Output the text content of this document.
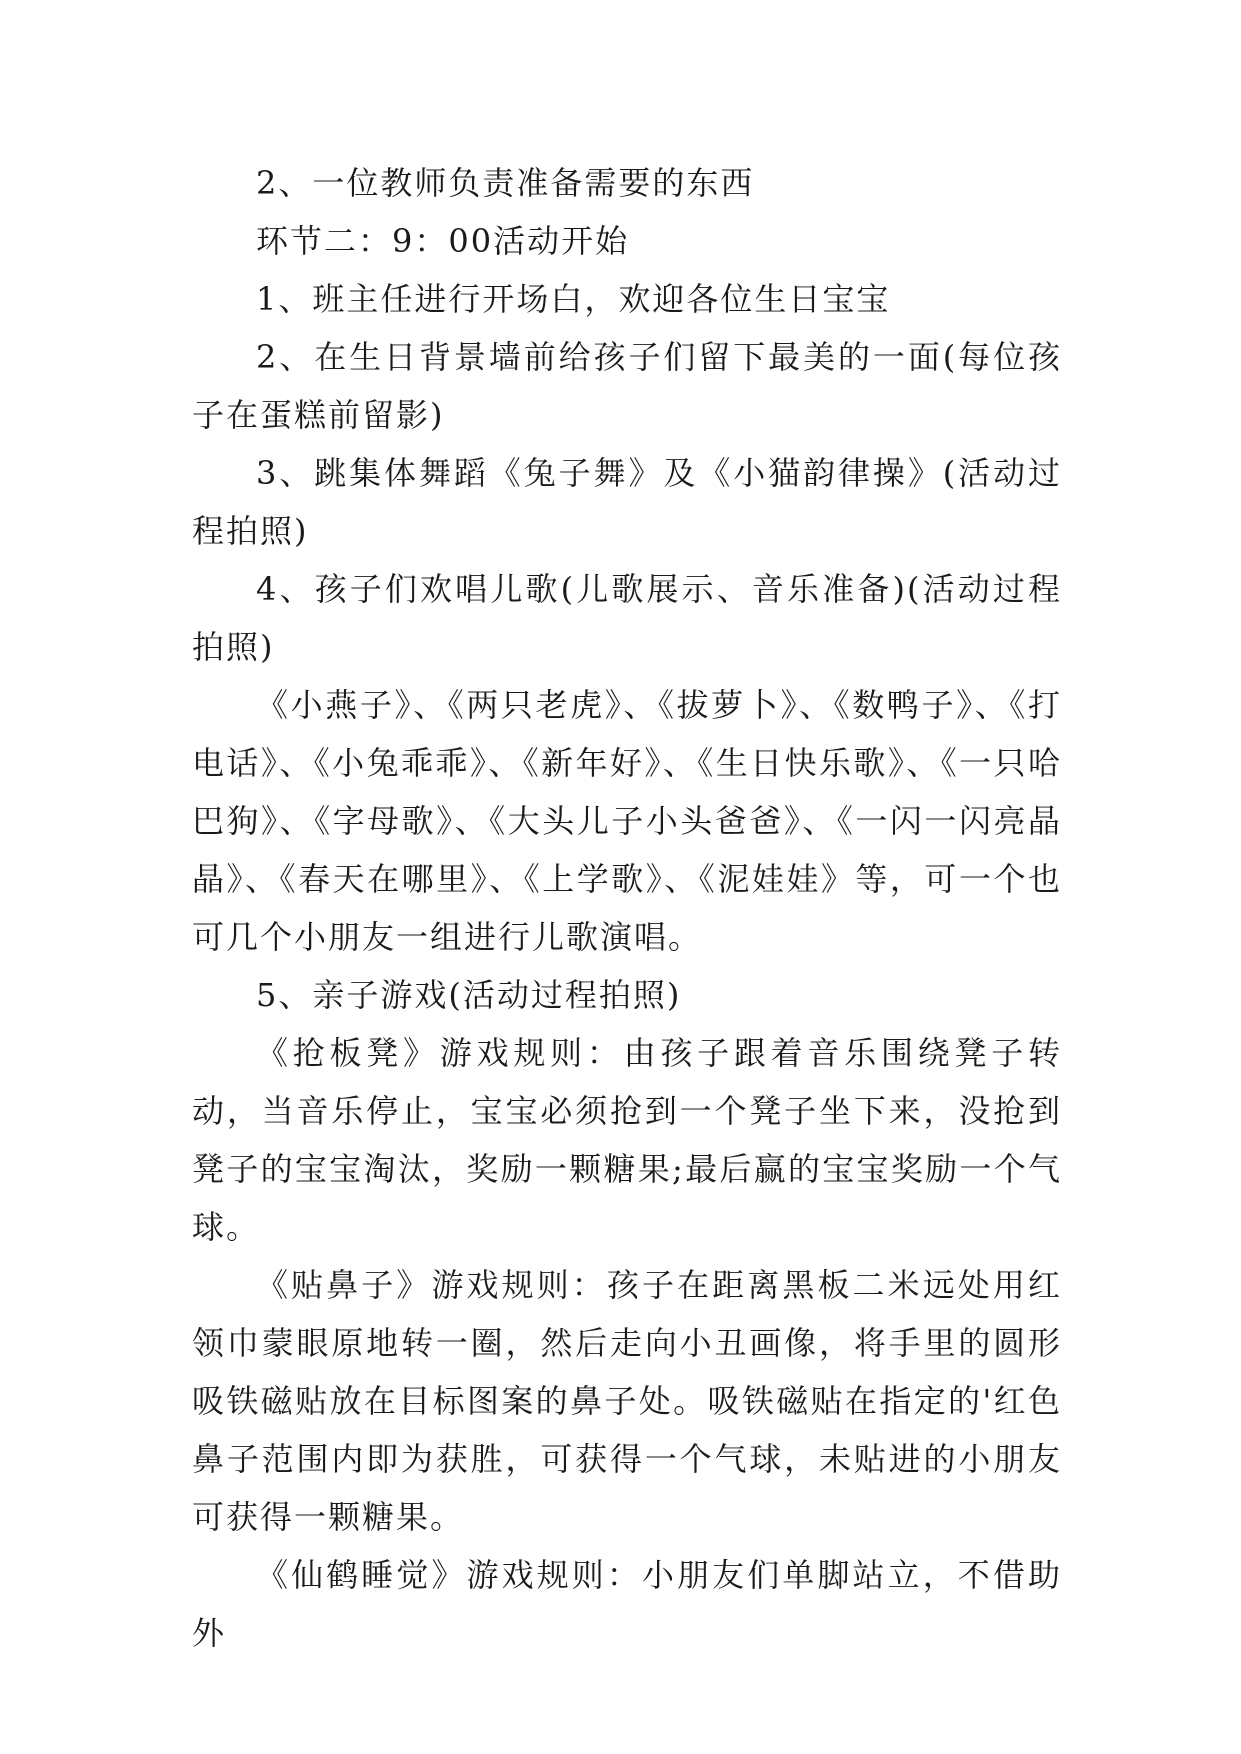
2、一位教师负责准备需要的东西

环节二：9：00活动开始

1、班主任进行开场白，欢迎各位生日宝宝

2、在生日背景墙前给孩子们留下最美的一面(每位孩子在蛋糕前留影)

3、跳集体舞蹈《兔子舞》及《小猫韵律操》(活动过程拍照)

4、孩子们欢唱儿歌(儿歌展示、音乐准备)(活动过程拍照)

《小燕子》、《两只老虎》、《拔萝卜》、《数鸭子》、《打电话》、《小兔乖乖》、《新年好》、《生日快乐歌》、《一只哈巴狗》、《字母歌》、《大头儿子小头爸爸》、《一闪一闪亮晶晶》、《春天在哪里》、《上学歌》、《泥娃娃》等，可一个也可几个小朋友一组进行儿歌演唱。

5、亲子游戏(活动过程拍照)

《抢板凳》游戏规则：由孩子跟着音乐围绕凳子转动，当音乐停止，宝宝必须抢到一个凳子坐下来，没抢到凳子的宝宝淘汰，奖励一颗糖果;最后赢的宝宝奖励一个气球。

《贴鼻子》游戏规则：孩子在距离黑板二米远处用红领巾蒙眼原地转一圈，然后走向小丑画像，将手里的圆形吸铁磁贴放在目标图案的鼻子处。吸铁磁贴在指定的'红色鼻子范围内即为获胜，可获得一个气球，未贴进的小朋友可获得一颗糖果。

《仙鹤睡觉》游戏规则：小朋友们单脚站立，不借助外
